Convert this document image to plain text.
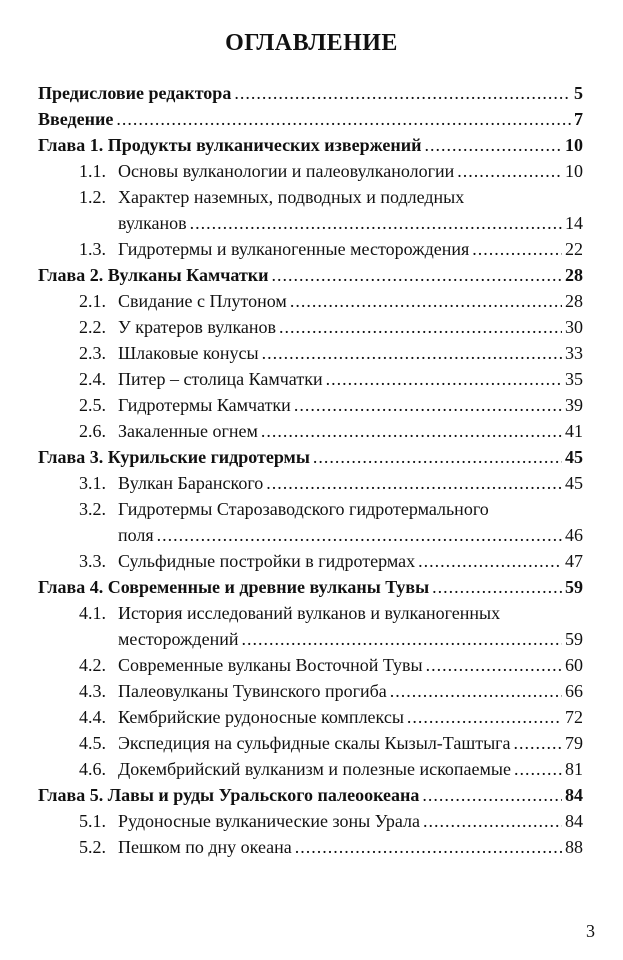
ОГЛАВЛЕНИЕ
Предисловие редактора .....	5
Введение .....	7
Глава 1. Продукты вулканических извержений .....	10
1.1. Основы вулканологии и палеовулканологии .....	10
1.2. Характер наземных, подводных и подледных
вулканов .....	14
1.3. Гидротермы и вулканогенные месторождения .....	22
Глава 2. Вулканы Камчатки .....	28
2.1. Свидание с Плутоном .....	28
2.2. У кратеров вулканов .....	30
2.3. Шлаковые конусы .....	33
2.4. Питер – столица Камчатки .....	35
2.5. Гидротермы Камчатки .....	39
2.6. Закаленные огнем .....	41
Глава 3. Курильские гидротермы .....	45
3.1. Вулкан Баранского .....	45
3.2. Гидротермы Старозаводского гидротермального
поля .....	46
3.3. Сульфидные постройки в гидротермах .....	47
Глава 4. Современные и древние вулканы Тувы .....	59
4.1. История исследований вулканов и вулканогенных
месторождений .....	59
4.2. Современные вулканы Восточной Тувы .....	60
4.3. Палеовулканы Тувинского прогиба .....	66
4.4. Кембрийские рудоносные комплексы .....	72
4.5. Экспедиция на сульфидные скалы Кызыл-Таштыга .....	79
4.6. Докембрийский вулканизм и полезные ископаемые .....	81
Глава 5. Лавы и руды Уральского палеоокеана .....	84
5.1. Рудоносные вулканические зоны Урала .....	84
5.2. Пешком по дну океана .....	88
3
